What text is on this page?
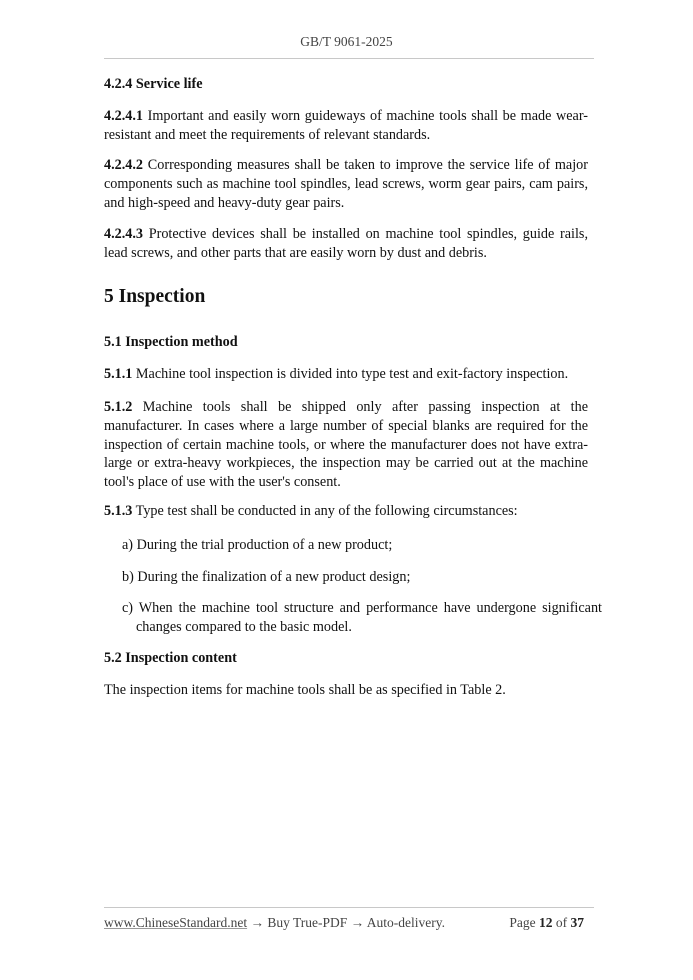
GB/T 9061-2025
4.2.4 Service life
4.2.4.1 Important and easily worn guideways of machine tools shall be made wear-resistant and meet the requirements of relevant standards.
4.2.4.2 Corresponding measures shall be taken to improve the service life of major components such as machine tool spindles, lead screws, worm gear pairs, cam pairs, and high-speed and heavy-duty gear pairs.
4.2.4.3 Protective devices shall be installed on machine tool spindles, guide rails, lead screws, and other parts that are easily worn by dust and debris.
5 Inspection
5.1 Inspection method
5.1.1 Machine tool inspection is divided into type test and exit-factory inspection.
5.1.2 Machine tools shall be shipped only after passing inspection at the manufacturer. In cases where a large number of special blanks are required for the inspection of certain machine tools, or where the manufacturer does not have extra-large or extra-heavy workpieces, the inspection may be carried out at the machine tool's place of use with the user's consent.
5.1.3 Type test shall be conducted in any of the following circumstances:
a) During the trial production of a new product;
b) During the finalization of a new product design;
c) When the machine tool structure and performance have undergone significant changes compared to the basic model.
5.2 Inspection content
The inspection items for machine tools shall be as specified in Table 2.
www.ChineseStandard.net → Buy True-PDF → Auto-delivery.	Page 12 of 37
